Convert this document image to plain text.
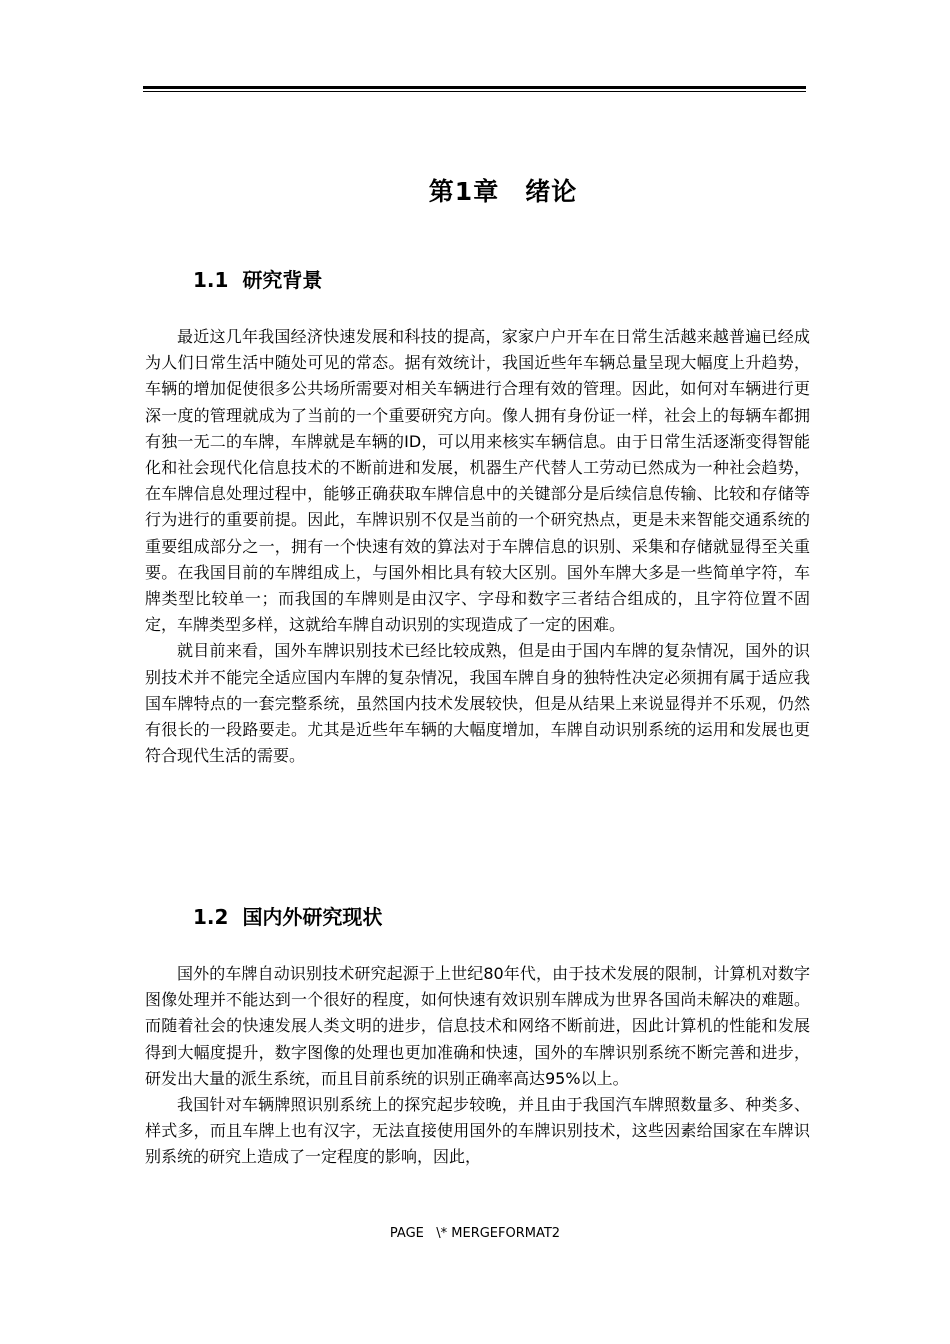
第1章　绪论
1.1 研究背景

最近这几年我国经济快速发展和科技的提高，家家户户开车在日常生活越来越普遍已经成为人们日常生活中随处可见的常态。据有效统计，我国近些年车辆总量呈现大幅度上升趋势，车辆的增加促使很多公共场所需要对相关车辆进行合理有效的管理。因此，如何对车辆进行更深一度的管理就成为了当前的一个重要研究方向。像人拥有身份证一样，社会上的每辆车都拥有独一无二的车牌，车牌就是车辆的ID，可以用来核实车辆信息。由于日常生活逐渐变得智能化和社会现代化信息技术的不断前进和发展，机器生产代替人工劳动已然成为一种社会趋势，在车牌信息处理过程中，能够正确获取车牌信息中的关键部分是后续信息传输、比较和存储等行为进行的重要前提。因此，车牌识别不仅是当前的一个研究热点，更是未来智能交通系统的重要组成部分之一，拥有一个快速有效的算法对于车牌信息的识别、采集和存储就显得至关重要。在我国目前的车牌组成上，与国外相比具有较大区别。国外车牌大多是一些简单字符，车牌类型比较单一；而我国的车牌则是由汉字、字母和数字三者结合组成的，且字符位置不固定，车牌类型多样，这就给车牌自动识别的实现造成了一定的困难。

就目前来看，国外车牌识别技术已经比较成熟，但是由于国内车牌的复杂情况，国外的识别技术并不能完全适应国内车牌的复杂情况，我国车牌自身的独特性决定必须拥有属于适应我国车牌特点的一套完整系统，虽然国内技术发展较快，但是从结果上来说显得并不乐观，仍然有很长的一段路要走。尤其是近些年车辆的大幅度增加，车牌自动识别系统的运用和发展也更符合现代生活的需要。

1.2 国内外研究现状

国外的车牌自动识别技术研究起源于上世纪80年代，由于技术发展的限制，计算机对数字图像处理并不能达到一个很好的程度，如何快速有效识别车牌成为世界各国尚未解决的难题。而随着社会的快速发展人类文明的进步，信息技术和网络不断前进，因此计算机的性能和发展得到大幅度提升，数字图像的处理也更加准确和快速，国外的车牌识别系统不断完善和进步，研发出大量的派生系统，而且目前系统的识别正确率高达95%以上。

我国针对车辆牌照识别系统上的探究起步较晚，并且由于我国汽车牌照数量多、种类多、样式多，而且车牌上也有汉字，无法直接使用国外的车牌识别技术，这些因素给国家在车牌识别系统的研究上造成了一定程度的影响，因此，

PAGE   \* MERGEFORMAT2
